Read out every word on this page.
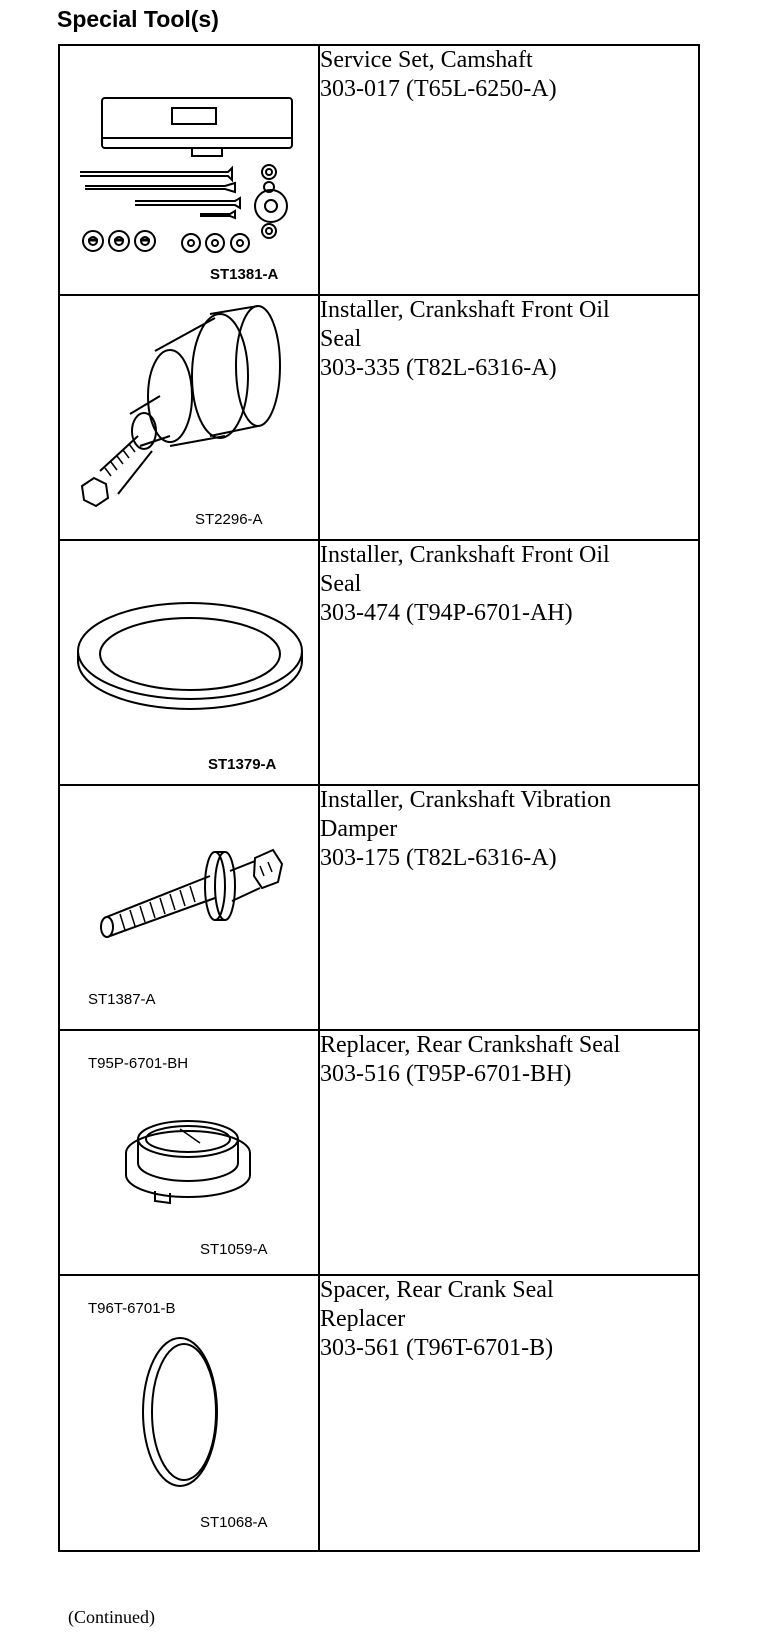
Special Tool(s)
ST1381-A	Service Set, Camshaft
303-017 (T65L-6250-A)

ST2296-A	Installer, Crankshaft Front Oil
Seal
303-335 (T82L-6316-A)

ST1379-A	Installer, Crankshaft Front Oil
Seal
303-474 (T94P-6701-AH)

ST1387-A	Installer, Crankshaft Vibration
Damper
303-175 (T82L-6316-A)

T95P-6701-BH
ST1059-A	Replacer, Rear Crankshaft Seal
303-516 (T95P-6701-BH)

T96T-6701-B
ST1068-A	Spacer, Rear Crank Seal
Replacer
303-561 (T96T-6701-B)
(Continued)
